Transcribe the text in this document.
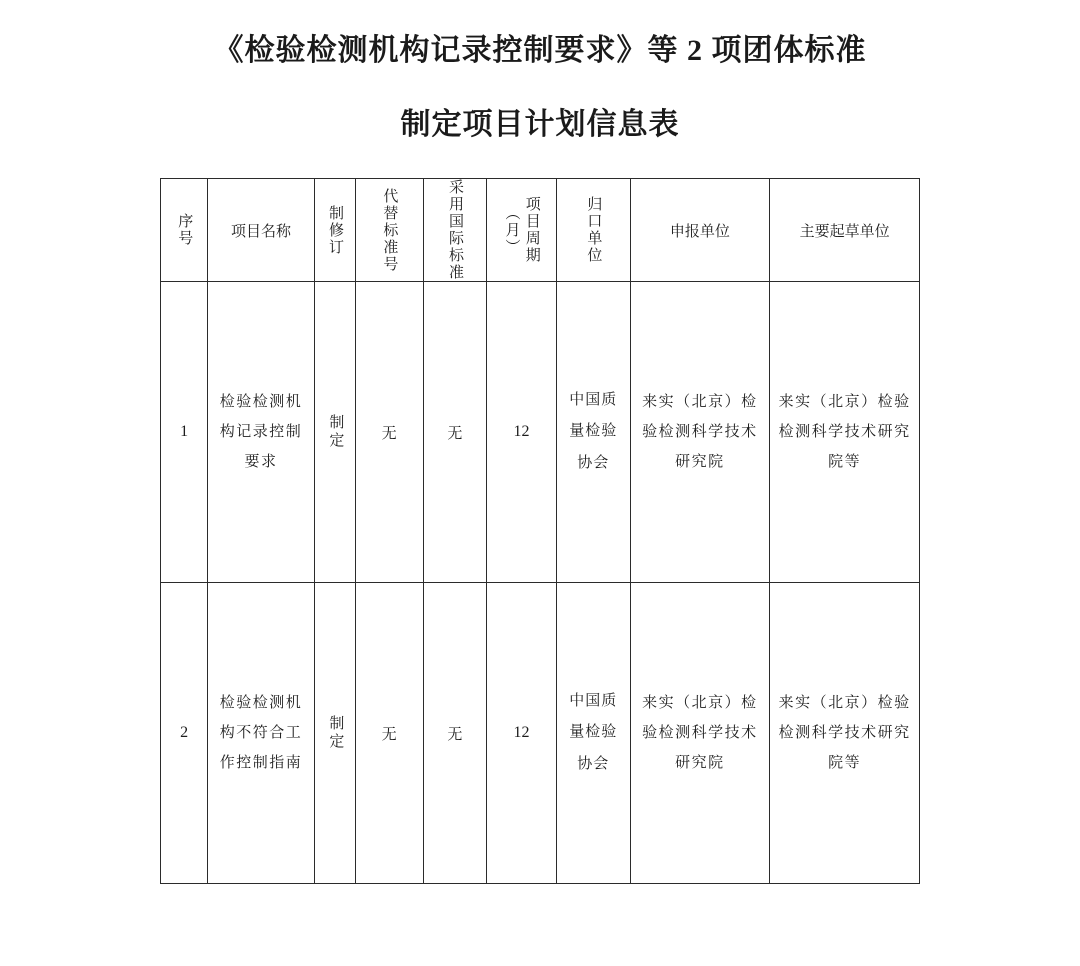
《检验检测机构记录控制要求》等 2 项团体标准
制定项目计划信息表
序号	项目名称	制修订	代替标准号	采用国际标准	项目周期（月）	归口单位	申报单位	主要起草单位

1	检验检测机构记录控制要求	制定	无	无	12	中国质量检验协会	来实（北京）检验检测科学技术研究院	来实（北京）检验检测科学技术研究院等

2	检验检测机构不符合工作控制指南	制定	无	无	12	中国质量检验协会	来实（北京）检验检测科学技术研究院	来实（北京）检验检测科学技术研究院等
